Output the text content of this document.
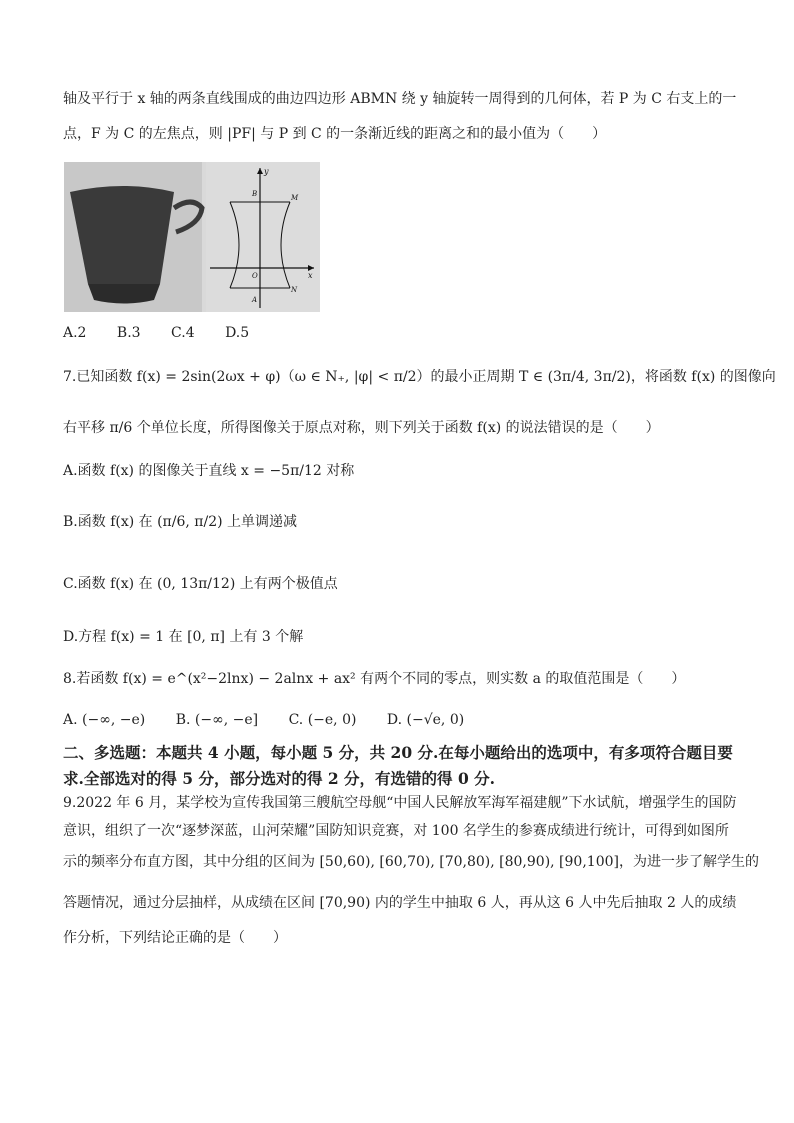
轴及平行于 x 轴的两条直线围成的曲边四边形 ABMN 绕 y 轴旋转一周得到的几何体，若 P 为 C 右支上的一
点，F 为 C 的左焦点，则 |PF| 与 P 到 C 的一条渐近线的距离之和的最小值为（　　）
y
x
B	M
O
A
N
A.2 B.3 C.4 D.5
7.已知函数 f(x) = 2sin(2ωx + φ)（ω ∈ N₊, |φ| < π/2）的最小正周期 T ∈ (3π/4, 3π/2)，将函数 f(x) 的图像向
右平移 π/6 个单位长度，所得图像关于原点对称，则下列关于函数 f(x) 的说法错误的是（　　）
A.函数 f(x) 的图像关于直线 x = −5π/12 对称
B.函数 f(x) 在 (π/6, π/2) 上单调递减
C.函数 f(x) 在 (0, 13π/12) 上有两个极值点
D.方程 f(x) = 1 在 [0, π] 上有 3 个解
8.若函数 f(x) = e^(x²−2lnx) − 2alnx + ax² 有两个不同的零点，则实数 a 的取值范围是（　　）
A. (−∞, −e) B. (−∞, −e] C. (−e, 0) D. (−√e, 0)
二、多选题：本题共 4 小题，每小题 5 分，共 20 分.在每小题给出的选项中，有多项符合题目要
求.全部选对的得 5 分，部分选对的得 2 分，有选错的得 0 分.
9.2022 年 6 月，某学校为宣传我国第三艘航空母舰“中国人民解放军海军福建舰”下水试航，增强学生的国防
意识，组织了一次“逐梦深蓝，山河荣耀”国防知识竞赛，对 100 名学生的参赛成绩进行统计，可得到如图所
示的频率分布直方图，其中分组的区间为 [50,60), [60,70), [70,80), [80,90), [90,100]，为进一步了解学生的
答题情况，通过分层抽样，从成绩在区间 [70,90) 内的学生中抽取 6 人，再从这 6 人中先后抽取 2 人的成绩
作分析，下列结论正确的是（　　）
